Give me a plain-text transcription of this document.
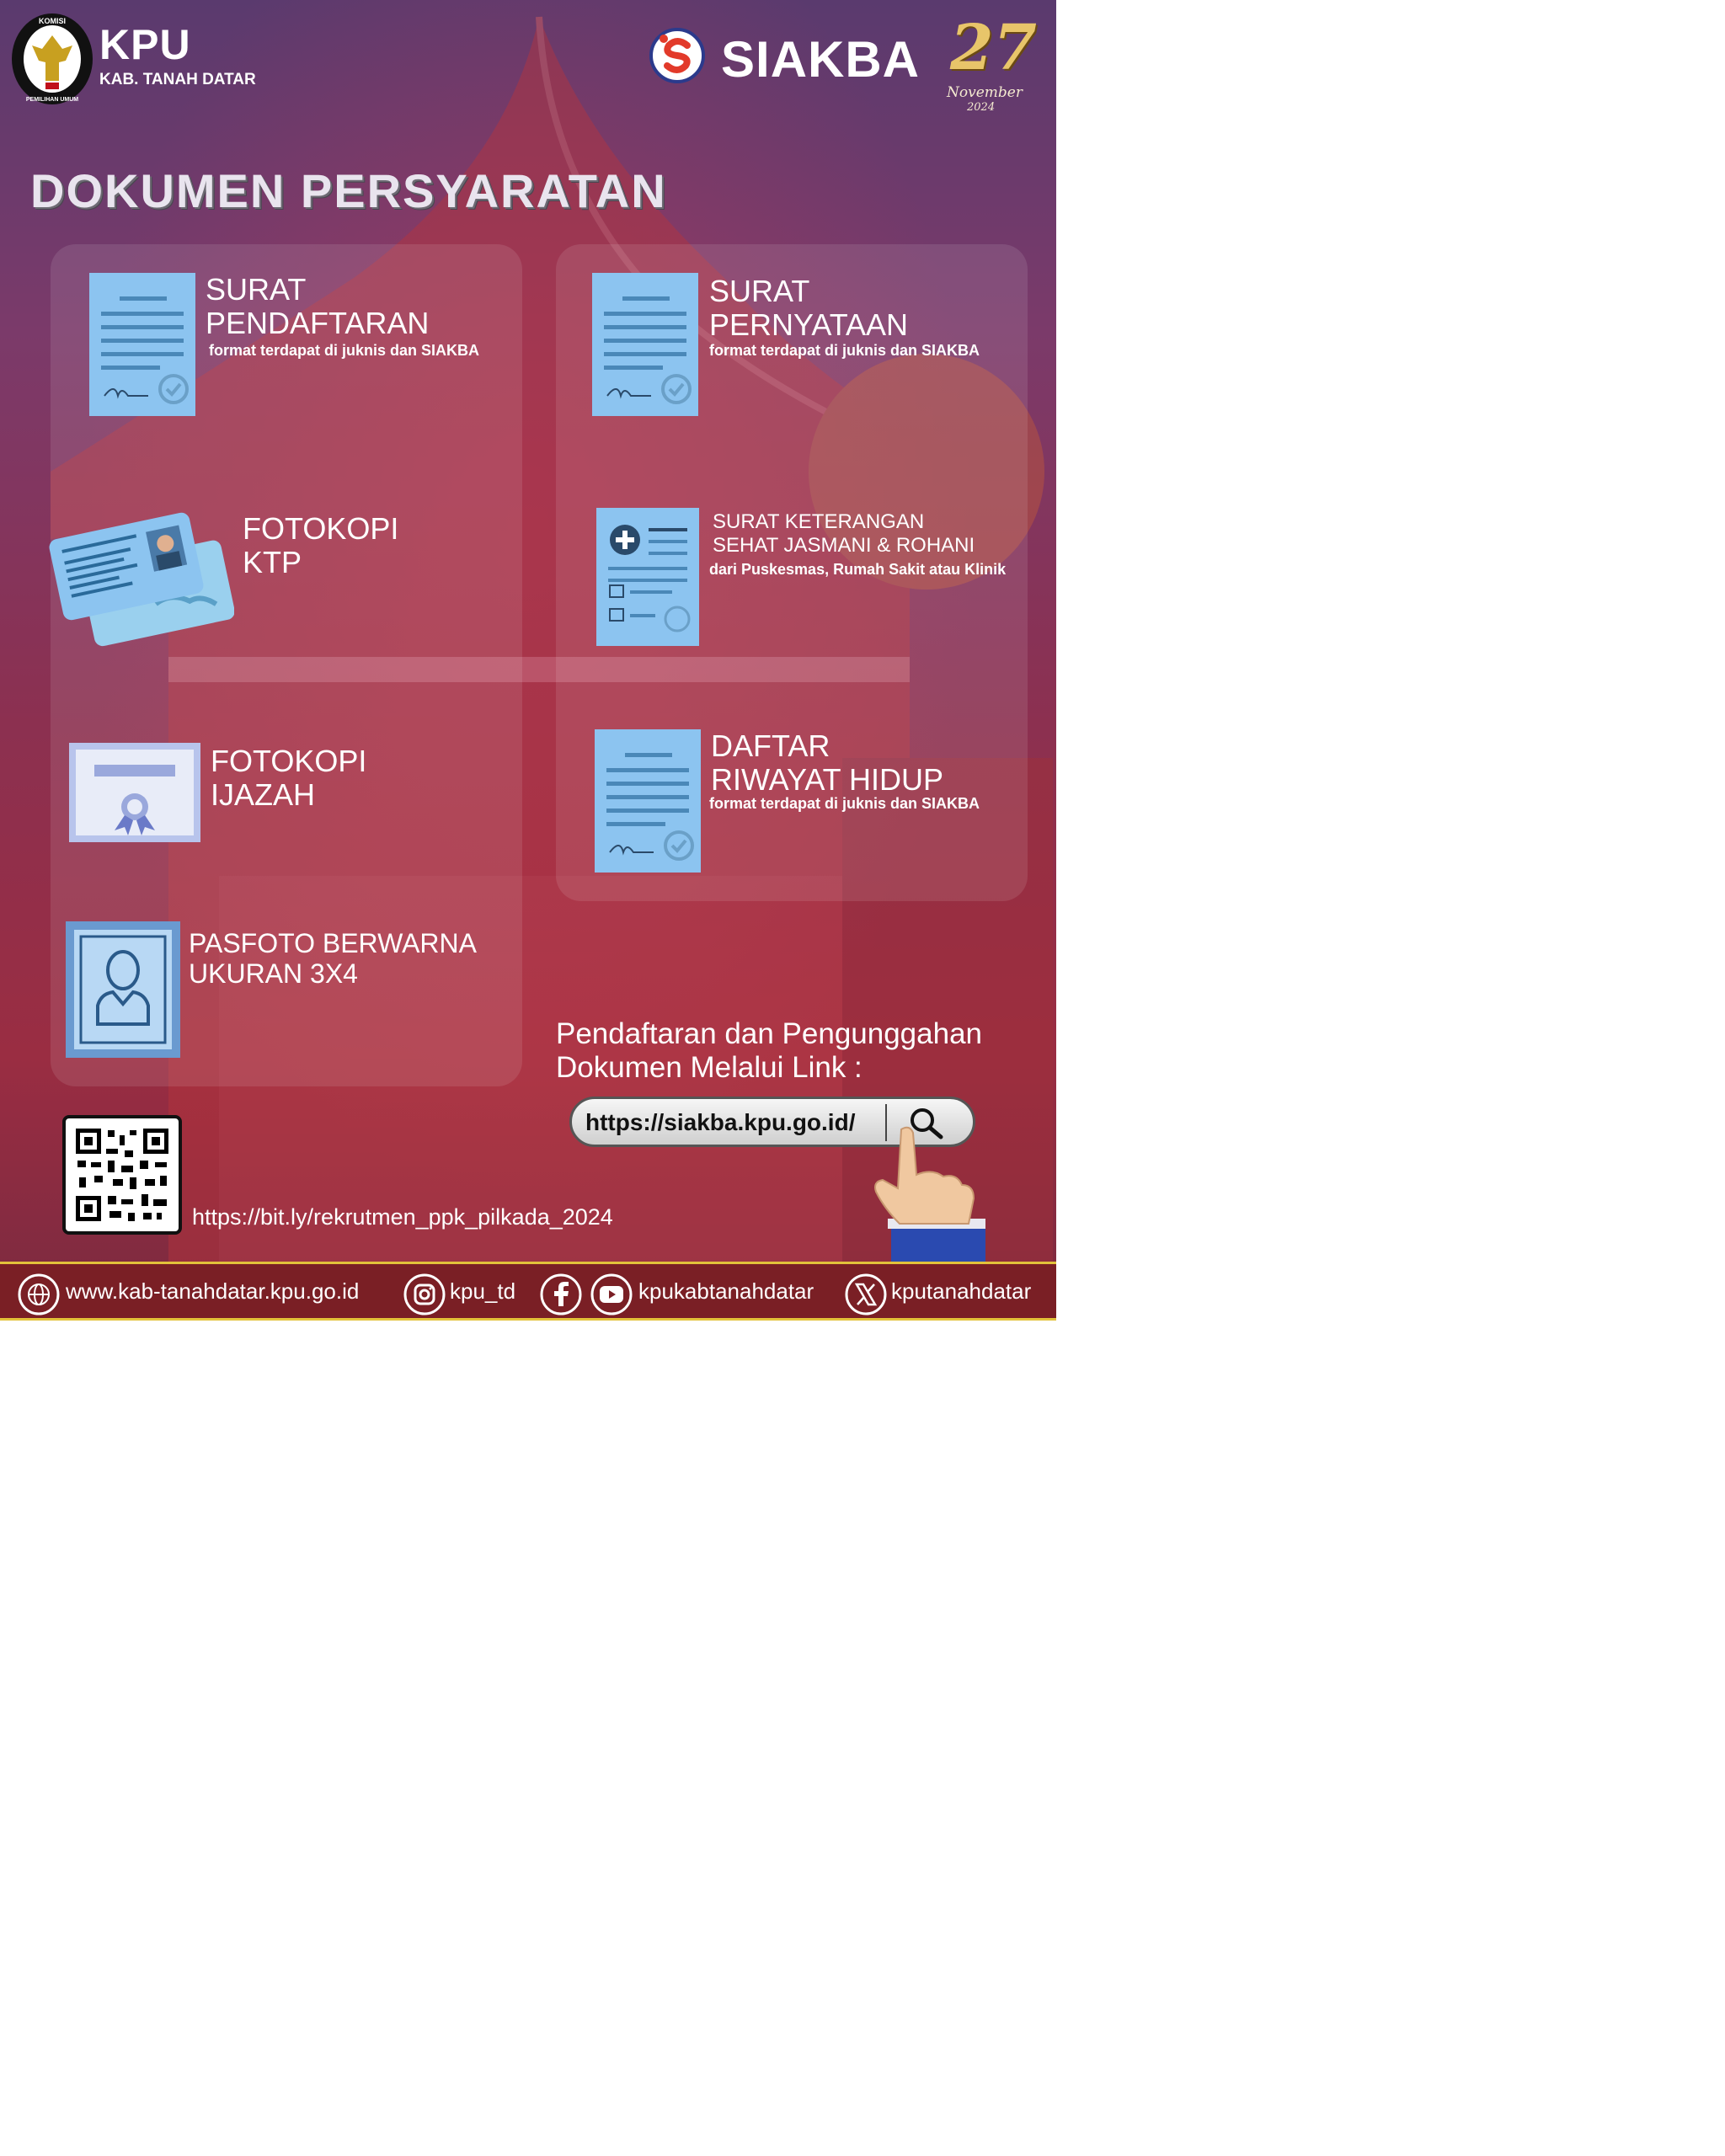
KOMISI
PEMILIHAN UMUM
KPU
KAB. TANAH DATAR	SIAKBA 27
November
2024
DOKUMEN PERSYARATAN
SURAT
PENDAFTARAN
format terdapat di juknis dan SIAKBA
SURAT
PERNYATAAN
format terdapat di juknis dan SIAKBA
FOTOKOPI
KTP
SURAT KETERANGAN
SEHAT JASMANI & ROHANI
dari Puskesmas, Rumah Sakit atau Klinik
FOTOKOPI
IJAZAH
DAFTAR
RIWAYAT HIDUP
format terdapat di juknis dan SIAKBA
PASFOTO BERWARNA
UKURAN 3X4
Pendaftaran dan Pengunggahan
Dokumen Melalui Link :
https://siakba.kpu.go.id/
https://bit.ly/rekrutmen_ppk_pilkada_2024
www.kab-tanahdatar.kpu.go.id	kpu_td	kpukabtanahdatar	kputanahdatar
